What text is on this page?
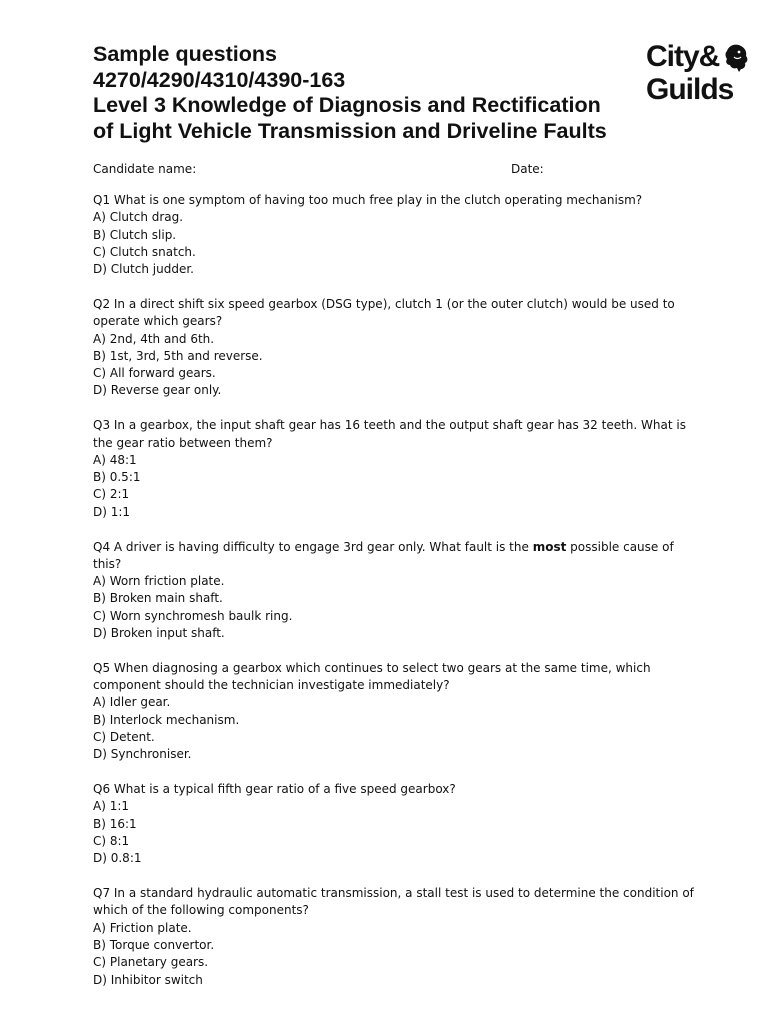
Sample questions
4270/4290/4310/4390-163
Level 3 Knowledge of Diagnosis and Rectification
of Light Vehicle Transmission and Driveline Faults
City&
Guilds
Candidate name:	Date:
Q1 What is one symptom of having too much free play in the clutch operating mechanism?
A) Clutch drag.
B) Clutch slip.
C) Clutch snatch.
D) Clutch judder.
Q2 In a direct shift six speed gearbox (DSG type), clutch 1 (or the outer clutch) would be used to operate which gears?
A) 2nd, 4th and 6th.
B) 1st, 3rd, 5th and reverse.
C) All forward gears.
D) Reverse gear only.
Q3 In a gearbox, the input shaft gear has 16 teeth and the output shaft gear has 32 teeth. What is the gear ratio between them?
A) 48:1
B) 0.5:1
C) 2:1
D) 1:1
Q4 A driver is having difficulty to engage 3rd gear only. What fault is the most possible cause of this?
A) Worn friction plate.
B) Broken main shaft.
C) Worn synchromesh baulk ring.
D) Broken input shaft.
Q5 When diagnosing a gearbox which continues to select two gears at the same time, which component should the technician investigate immediately?
A) Idler gear.
B) Interlock mechanism.
C) Detent.
D) Synchroniser.
Q6 What is a typical fifth gear ratio of a five speed gearbox?
A) 1:1
B) 16:1
C) 8:1
D) 0.8:1
Q7 In a standard hydraulic automatic transmission, a stall test is used to determine the condition of which of the following components?
A) Friction plate.
B) Torque convertor.
C) Planetary gears.
D) Inhibitor switch
